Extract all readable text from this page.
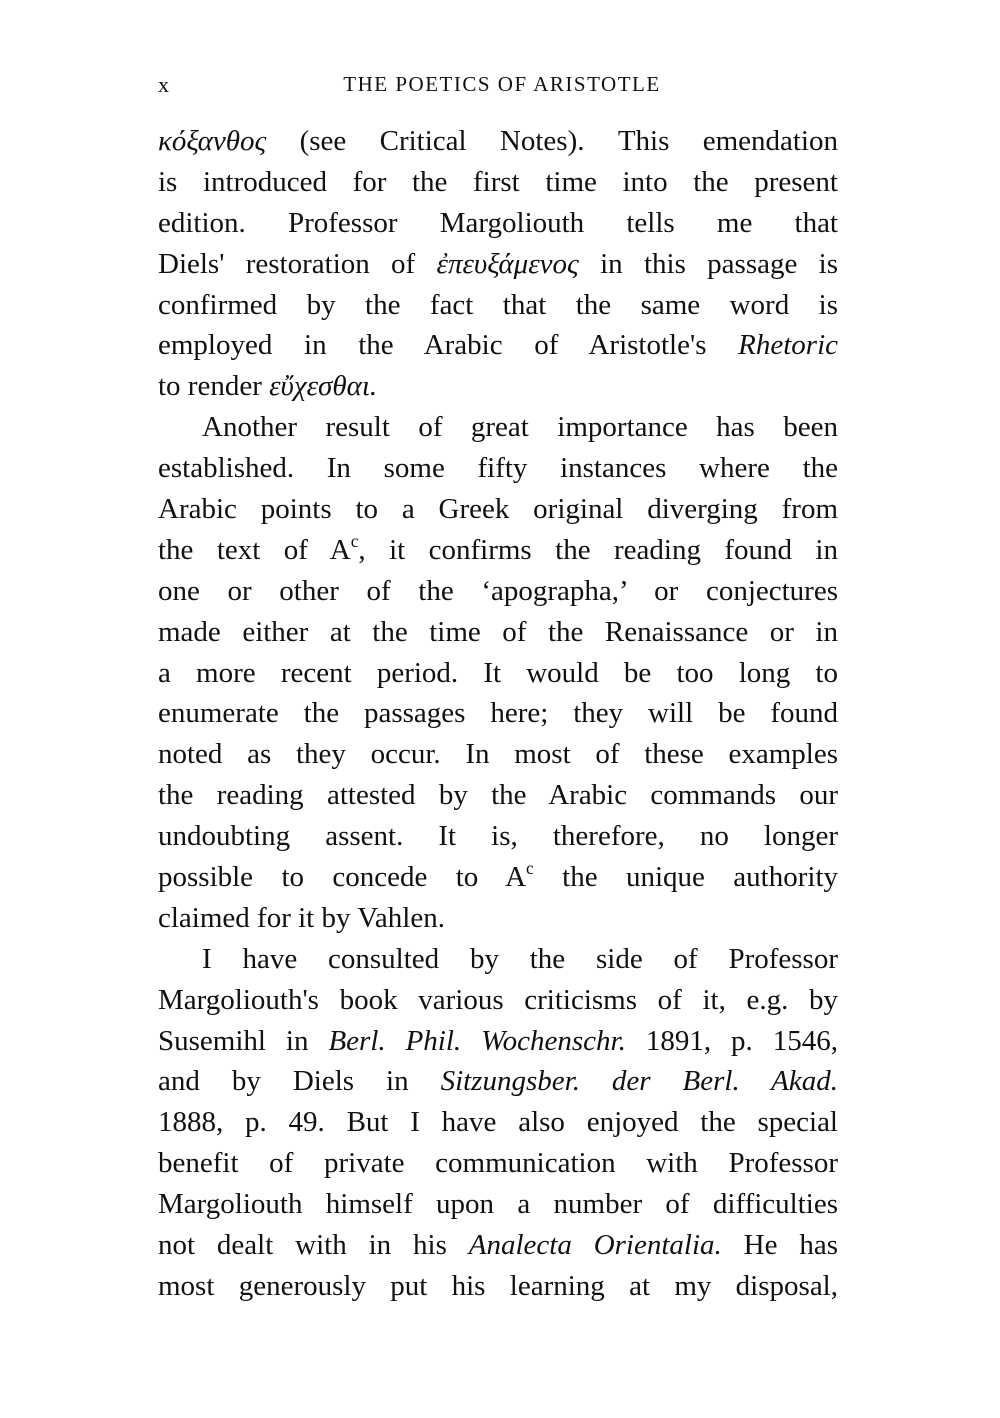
x	THE POETICS OF ARISTOTLE
κόξανθος (see Critical Notes). This emendation
is introduced for the first time into the present
edition. Professor Margoliouth tells me that
Diels' restoration of ἐπευξάμενος in this passage is
confirmed by the fact that the same word is
employed in the Arabic of Aristotle's Rhetoric
to render εὔχεσθαι.
Another result of great importance has been
established. In some fifty instances where the
Arabic points to a Greek original diverging from
the text of $A^c$, it confirms the reading found in
one or other of the ‘apographa,’ or conjectures
made either at the time of the Renaissance or in
a more recent period. It would be too long to
enumerate the passages here; they will be found
noted as they occur. In most of these examples
the reading attested by the Arabic commands our
undoubting assent. It is, therefore, no longer
possible to concede to $A^c$ the unique authority
claimed for it by Vahlen.
I have consulted by the side of Professor
Margoliouth's book various criticisms of it, e.g. by
Susemihl in Berl. Phil. Wochenschr. 1891, p. 1546,
and by Diels in Sitzungsber. der Berl. Akad.
1888, p. 49. But I have also enjoyed the special
benefit of private communication with Professor
Margoliouth himself upon a number of difficulties
not dealt with in his Analecta Orientalia. He has
most generously put his learning at my disposal,
